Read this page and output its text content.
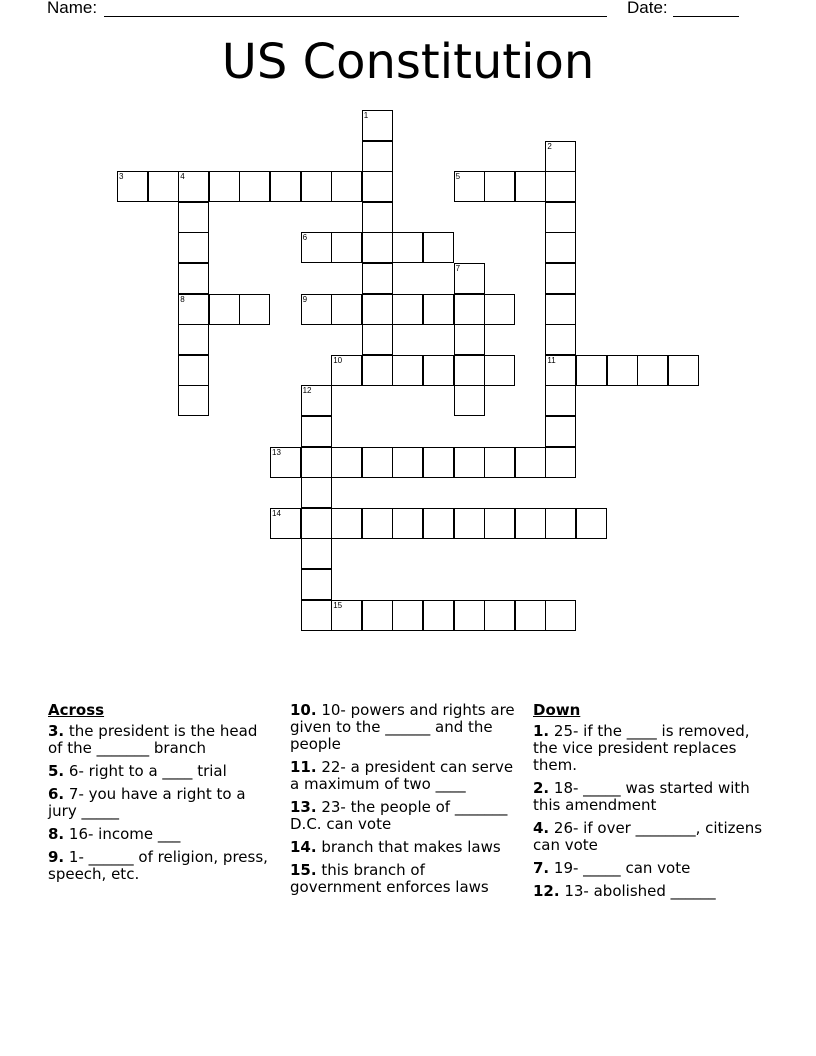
Name:	Date:
US Constitution
1
2
11
3	4
8
5
6
7
9
10
12
13
14
15
Across
3. the president is the head of the _______ branch
5. 6- right to a ____ trial
6. 7- you have a right to a jury _____
8. 16- income ___
9. 1- ______ of religion, press, speech, etc.
10. 10- powers and rights are given to the ______ and the people
11. 22- a president can serve a maximum of two ____
13. 23- the people of _______ D.C. can vote
14. branch that makes laws
15. this branch of government enforces laws
Down
1. 25- if the ____ is removed, the vice president replaces them.
2. 18- _____ was started with this amendment
4. 26- if over ________, citizens can vote
7. 19- _____ can vote
12. 13- abolished ______
